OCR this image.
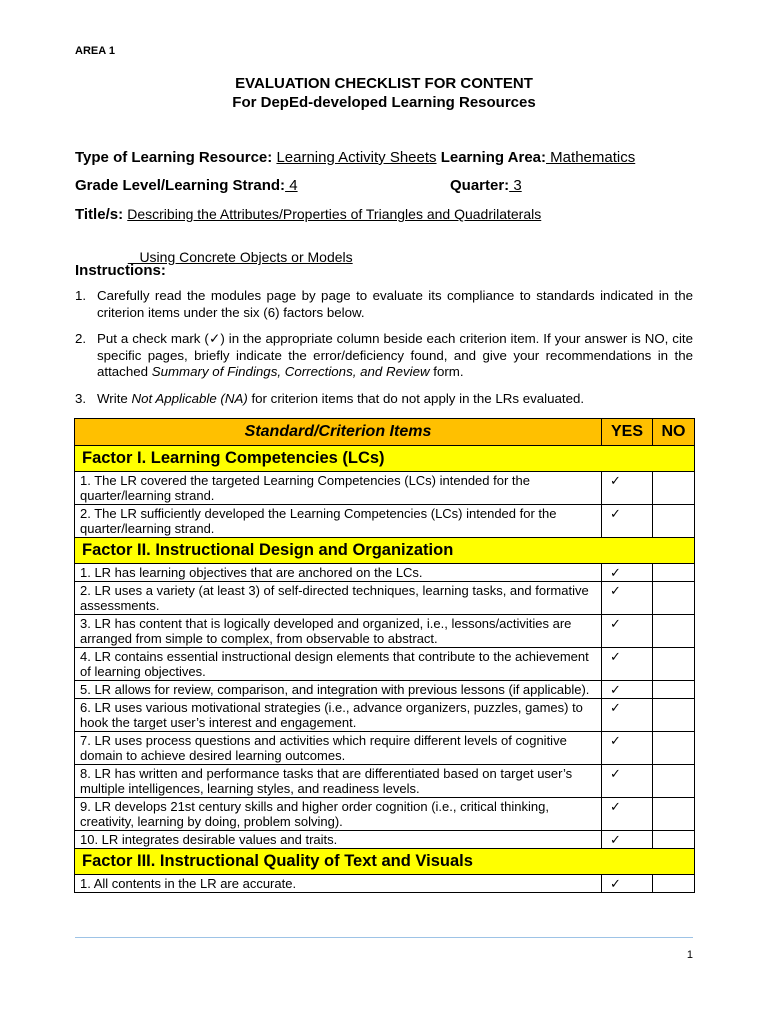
AREA 1
EVALUATION CHECKLIST FOR CONTENT
For DepEd-developed Learning Resources
Type of Learning Resource: Learning Activity Sheets Learning Area: Mathematics
Grade Level/Learning Strand: 4	Quarter: 3
Title/s: Describing the Attributes/Properties of Triangles and Quadrilaterals

Using Concrete Objects or Models

Instructions:
1. Carefully read the modules page by page to evaluate its compliance to standards indicated in the criterion items under the six (6) factors below.
2. Put a check mark (✓) in the appropriate column beside each criterion item. If your answer is NO, cite specific pages, briefly indicate the error/deficiency found, and give your recommendations in the attached Summary of Findings, Corrections, and Review form.
3. Write Not Applicable (NA) for criterion items that do not apply in the LRs evaluated.
Standard/Criterion Items	YES	NO
Factor I. Learning Competencies (LCs)		
1. The LR covered the targeted Learning Competencies (LCs) intended for the quarter/learning strand.	✓	
2. The LR sufficiently developed the Learning Competencies (LCs) intended for the quarter/learning strand.	✓	
Factor II. Instructional Design and Organization		
1. LR has learning objectives that are anchored on the LCs.	✓	
2. LR uses a variety (at least 3) of self-directed techniques, learning tasks, and formative assessments.	✓	
3. LR has content that is logically developed and organized, i.e., lessons/activities are arranged from simple to complex, from observable to abstract.	✓	
4. LR contains essential instructional design elements that contribute to the achievement of learning objectives.	✓	
5. LR allows for review, comparison, and integration with previous lessons (if applicable).	✓	
6. LR uses various motivational strategies (i.e., advance organizers, puzzles, games) to hook the target user’s interest and engagement.	✓	
7. LR uses process questions and activities which require different levels of cognitive domain to achieve desired learning outcomes.	✓	
8. LR has written and performance tasks that are differentiated based on target user’s multiple intelligences, learning styles, and readiness levels.	✓	
9. LR develops 21st century skills and higher order cognition (i.e., critical thinking, creativity, learning by doing, problem solving).	✓	
10. LR integrates desirable values and traits.	✓	
Factor III. Instructional Quality of Text and Visuals		
1. All contents in the LR are accurate.	✓	
1
